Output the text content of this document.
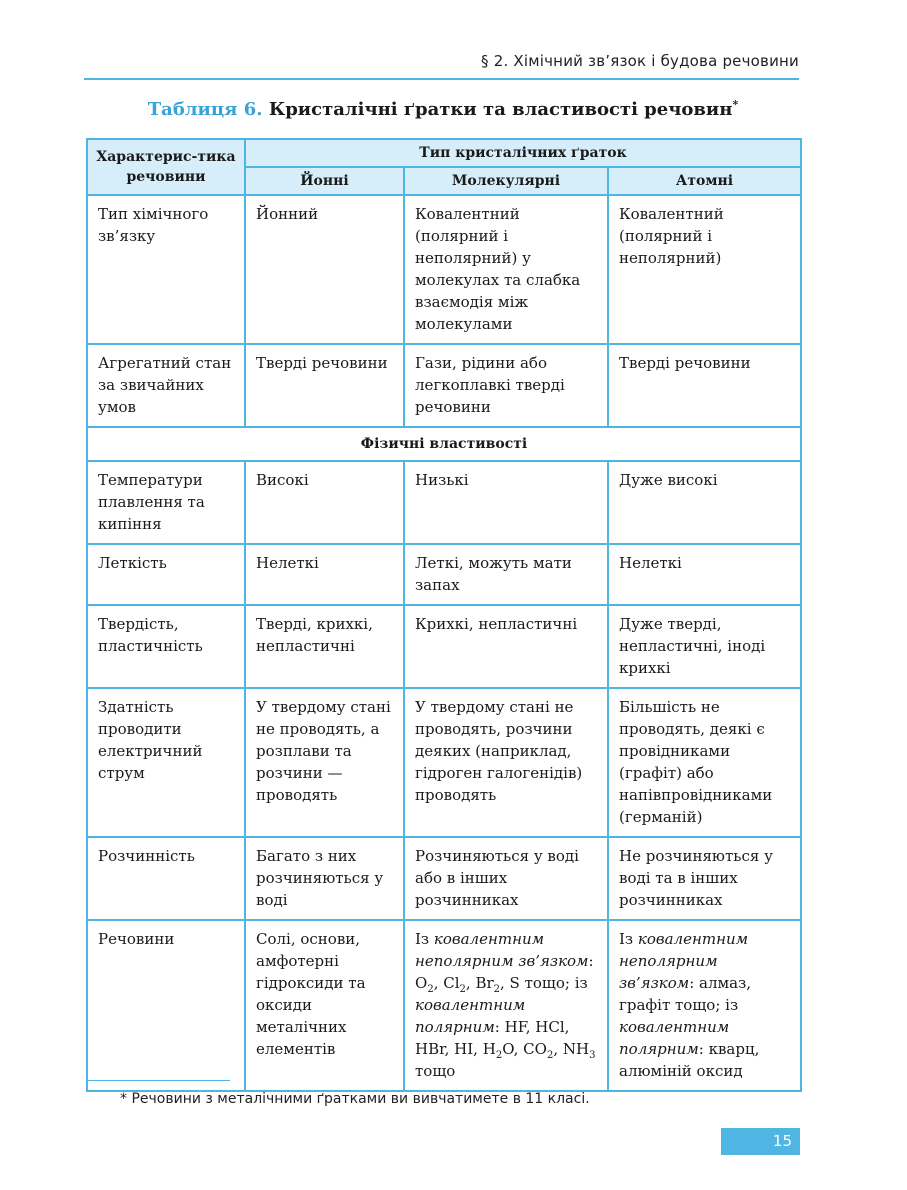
§ 2. Хімічний зв’язок і будова речовини
Таблиця 6. Кристалічні ґратки та властивості речовин*
Характерис-тика речовини	Тип кристалічних ґраток		
	Йонні	Молекулярні	Атомні
Тип хімічного зв’язку	Йонний	Ковалентний (полярний і неполярний) у молекулах та слабка взаємодія між молекулами	Ковалентний (полярний і неполярний)
Агрегатний стан за звичайних умов	Тверді речовини	Гази, рідини або легкоплавкі тверді речовини	Тверді речовини
Фізичні властивості			
Температури плавлення та кипіння	Високі	Низькі	Дуже високі
Леткість	Нелеткі	Леткі, можуть мати запах	Нелеткі
Твердість, пластичність	Тверді, крихкі, непластичні	Крихкі, непластичні	Дуже тверді, непластичні, іноді крихкі
Здатність проводити електричний струм	У твердому стані не проводять, а розплави та розчини — проводять	У твердому стані не проводять, розчини деяких (наприклад, гідроген галогенідів) проводять	Більшість не проводять, деякі є провідниками (графіт) або напівпровідниками (германій)
Розчинність	Багато з них розчиняються у воді	Розчиняються у воді або в інших розчинниках	Не розчиняються у воді та в інших розчинниках
Речовини	Солі, основи, амфотерні гідроксиди та оксиди металічних елементів	Із ковалентним неполярним зв’язком: $O_2$, $Cl_2$, $Br_2$, S тощо; із ковалентним полярним: HF, HCl, HBr, HI, $H_2O$, $CO_2$, $NH_3$ тощо	Із ковалентним неполярним зв’язком: алмаз, графіт тощо; із ковалентним полярним: кварц, алюміній оксид
* Речовини з металічними ґратками ви вивчатимете в 11 класі.
15
